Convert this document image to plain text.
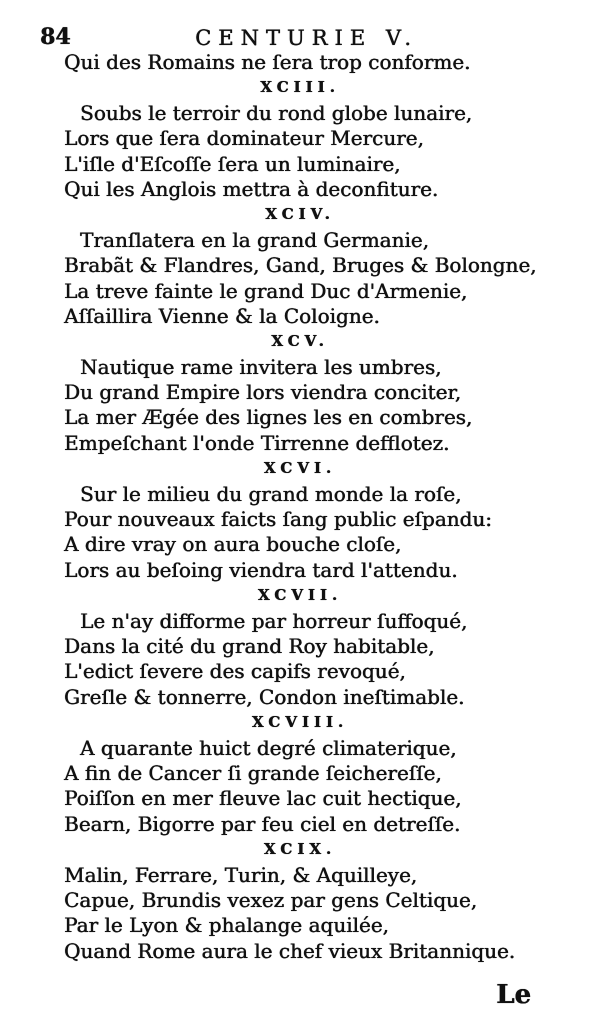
84	CENTURIE V.
Qui des Romains ne ſera trop conforme.
XCIII.
Soubs le terroir du rond globe lunaire,
Lors que ſera dominateur Mercure,
L'iſle d'Eſcoſſe ſera un luminaire,
Qui les Anglois mettra à deconfiture.
XCIV.
Tranſlatera en la grand Germanie,
Brabãt & Flandres, Gand, Bruges & Bolongne,
La treve fainte le grand Duc d'Armenie,
Aſſaillira Vienne & la Coloigne.
XCV.
Nautique rame invitera les umbres,
Du grand Empire lors viendra conciter,
La mer Ægée des lignes les en combres,
Empeſchant l'onde Tirrenne defflotez.
XCVI.
Sur le milieu du grand monde la roſe,
Pour nouveaux faicts ſang public eſpandu:
A dire vray on aura bouche cloſe,
Lors au beſoing viendra tard l'attendu.
XCVII.
Le n'ay difforme par horreur ſuffoqué,
Dans la cité du grand Roy habitable,
L'edict ſevere des capifs revoqué,
Greſle & tonnerre, Condon ineſtimable.
XCVIII.
A quarante huict degré climaterique,
A fin de Cancer ſi grande ſeichereſſe,
Poiſſon en mer fleuve lac cuit hectique,
Bearn, Bigorre par feu ciel en detreſſe.
XCIX.
Malin, Ferrare, Turin, & Aquilleye,
Capue, Brundis vexez par gens Celtique,
Par le Lyon & phalange aquilée,
Quand Rome aura le chef vieux Britannique.
Le
